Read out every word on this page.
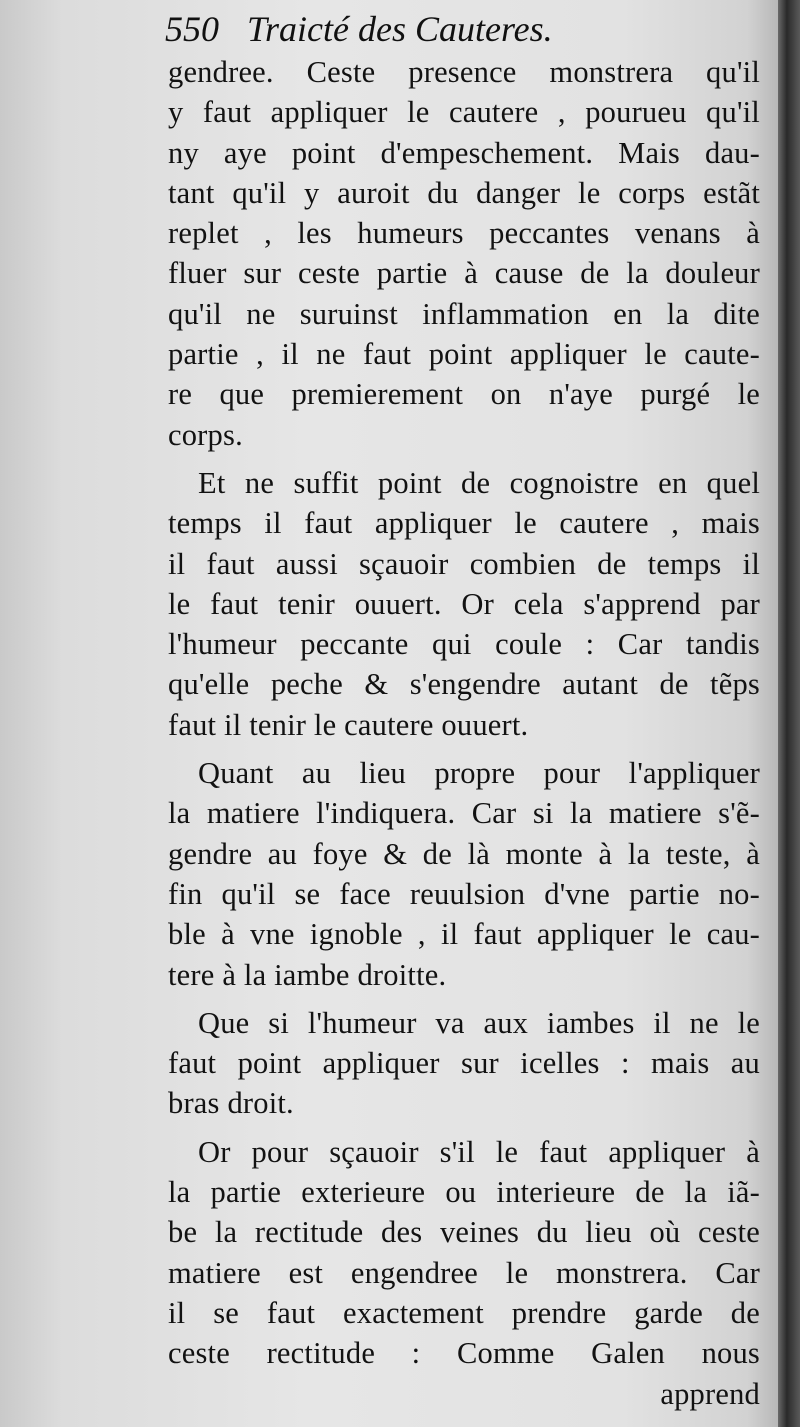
550 Traicté des Cauteres.
gendree. Ceste presence monstrera qu'il
y faut appliquer le cautere , pourueu qu'il
ny aye point d'empeschement. Mais dau-
tant qu'il y auroit du danger le corps estãt
replet , les humeurs peccantes venans à
fluer sur ceste partie à cause de la douleur
qu'il ne suruinst inflammation en la dite
partie , il ne faut point appliquer le caute-
re que premierement on n'aye purgé le
corps.
Et ne suffit point de cognoistre en quel
temps il faut appliquer le cautere , mais
il faut aussi sçauoir combien de temps il
le faut tenir ouuert. Or cela s'apprend par
l'humeur peccante qui coule : Car tandis
qu'elle peche & s'engendre autant de tẽps
faut il tenir le cautere ouuert.
Quant au lieu propre pour l'appliquer
la matiere l'indiquera. Car si la matiere s'ẽ-
gendre au foye & de là monte à la teste, à
fin qu'il se face reuulsion d'vne partie no-
ble à vne ignoble , il faut appliquer le cau-
tere à la iambe droitte.
Que si l'humeur va aux iambes il ne le
faut point appliquer sur icelles : mais au
bras droit.
Or pour sçauoir s'il le faut appliquer à
la partie exterieure ou interieure de la iã-
be la rectitude des veines du lieu où ceste
matiere est engendree le monstrera. Car
il se faut exactement prendre garde de
ceste rectitude : Comme Galen nous
apprend
